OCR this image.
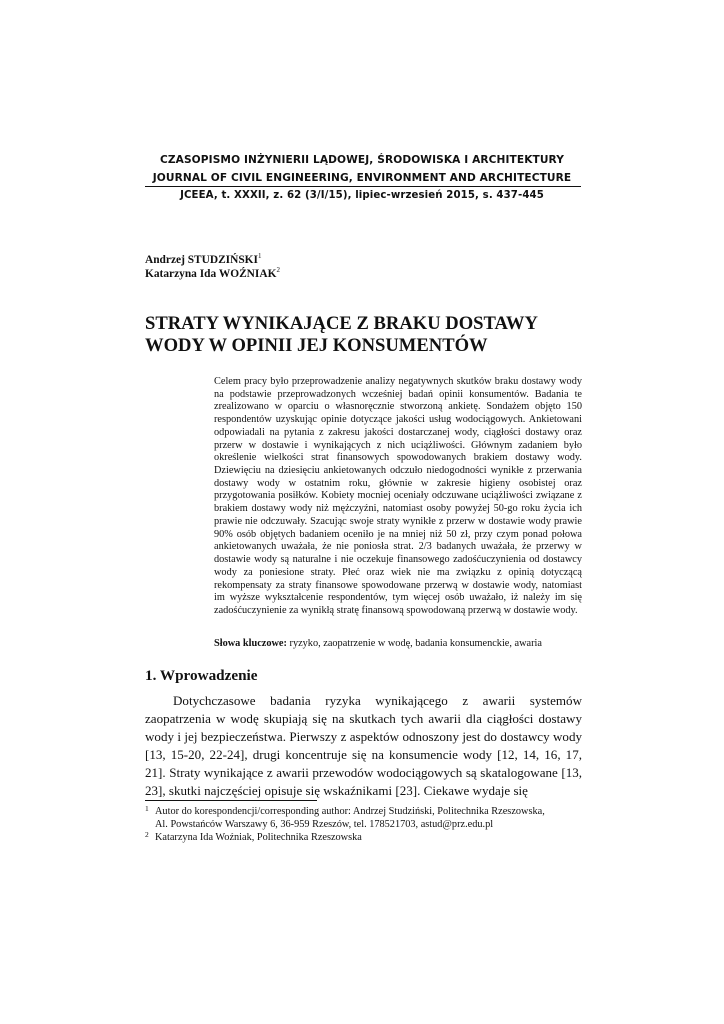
CZASOPISMO INŻYNIERII LĄDOWEJ, ŚRODOWISKA I ARCHITEKTURY
JOURNAL OF CIVIL ENGINEERING, ENVIRONMENT AND ARCHITECTURE
JCEEA, t. XXXII, z. 62 (3/I/15), lipiec-wrzesień 2015, s. 437-445
Andrzej STUDZIŃSKI$^1$
Katarzyna Ida WOŹNIAK$^2$
STRATY WYNIKAJĄCE Z BRAKU DOSTAWY WODY W OPINII JEJ KONSUMENTÓW
Celem pracy było przeprowadzenie analizy negatywnych skutków braku dostawy wody na podstawie przeprowadzonych wcześniej badań opinii konsumentów. Badania te zrealizowano w oparciu o własnoręcznie stworzoną ankietę. Sondażem objęto 150 respondentów uzyskując opinie dotyczące jakości usług wodociągowych. Ankietowani odpowiadali na pytania z zakresu jakości dostarczanej wody, ciągłości dostawy oraz przerw w dostawie i wynikających z nich uciążliwości. Głównym zadaniem było określenie wielkości strat finansowych spowodowanych brakiem dostawy wody. Dziewięciu na dziesięciu ankietowanych odczuło niedogodności wynikłe z przerwania dostawy wody w ostatnim roku, głównie w zakresie higieny osobistej oraz przygotowania posiłków. Kobiety mocniej oceniały odczuwane uciążliwości związane z brakiem dostawy wody niż mężczyźni, natomiast osoby powyżej 50-go roku życia ich prawie nie odczuwały. Szacując swoje straty wynikłe z przerw w dostawie wody prawie 90% osób objętych badaniem oceniło je na mniej niż 50 zł, przy czym ponad połowa ankietowanych uważała, że nie poniosła strat. 2/3 badanych uważała, że przerwy w dostawie wody są naturalne i nie oczekuje finansowego zadośćuczynienia od dostawcy wody za poniesione straty. Płeć oraz wiek nie ma związku z opinią dotyczącą rekompensaty za straty finansowe spowodowane przerwą w dostawie wody, natomiast im wyższe wykształcenie respondentów, tym więcej osób uważało, iż należy im się zadośćuczynienie za wynikłą stratę finansową spowodowaną przerwą w dostawie wody.
Słowa kluczowe: ryzyko, zaopatrzenie w wodę, badania konsumenckie, awaria
1. Wprowadzenie
Dotychczasowe badania ryzyka wynikającego z awarii systemów zaopatrzenia w wodę skupiają się na skutkach tych awarii dla ciągłości dostawy wody i jej bezpieczeństwa. Pierwszy z aspektów odnoszony jest do dostawcy wody [13, 15-20, 22-24], drugi koncentruje się na konsumencie wody [12, 14, 16, 17, 21]. Straty wynikające z awarii przewodów wodociągowych są skatalogowane [13, 23], skutki najczęściej opisuje się wskaźnikami [23]. Ciekawe wydaje się
1 Autor do korespondencji/corresponding author: Andrzej Studziński, Politechnika Rzeszowska,
Al. Powstańców Warszawy 6, 36-959 Rzeszów, tel. 178521703, astud@prz.edu.pl
2 Katarzyna Ida Woźniak, Politechnika Rzeszowska
